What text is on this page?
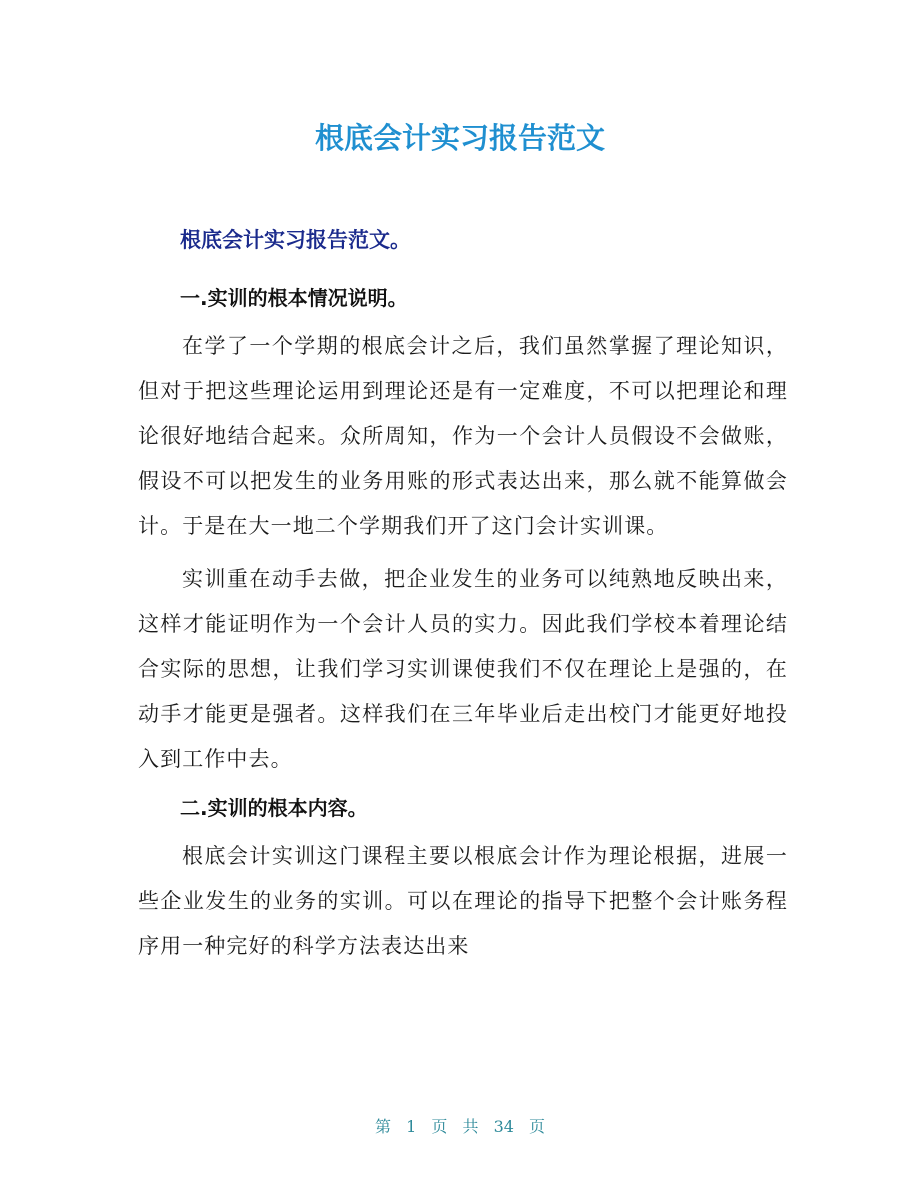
根底会计实习报告范文

根底会计实习报告范文。

一.实训的根本情况说明。

在学了一个学期的根底会计之后，我们虽然掌握了理论知识，但对于把这些理论运用到理论还是有一定难度，不可以把理论和理论很好地结合起来。众所周知，作为一个会计人员假设不会做账，假设不可以把发生的业务用账的形式表达出来，那么就不能算做会计。于是在大一地二个学期我们开了这门会计实训课。

实训重在动手去做，把企业发生的业务可以纯熟地反映出来，这样才能证明作为一个会计人员的实力。因此我们学校本着理论结合实际的思想，让我们学习实训课使我们不仅在理论上是强的，在动手才能更是强者。这样我们在三年毕业后走出校门才能更好地投入到工作中去。

二.实训的根本内容。

根底会计实训这门课程主要以根底会计作为理论根据，进展一些企业发生的业务的实训。可以在理论的指导下把整个会计账务程序用一种完好的科学方法表达出来

第 1 页 共 34 页
